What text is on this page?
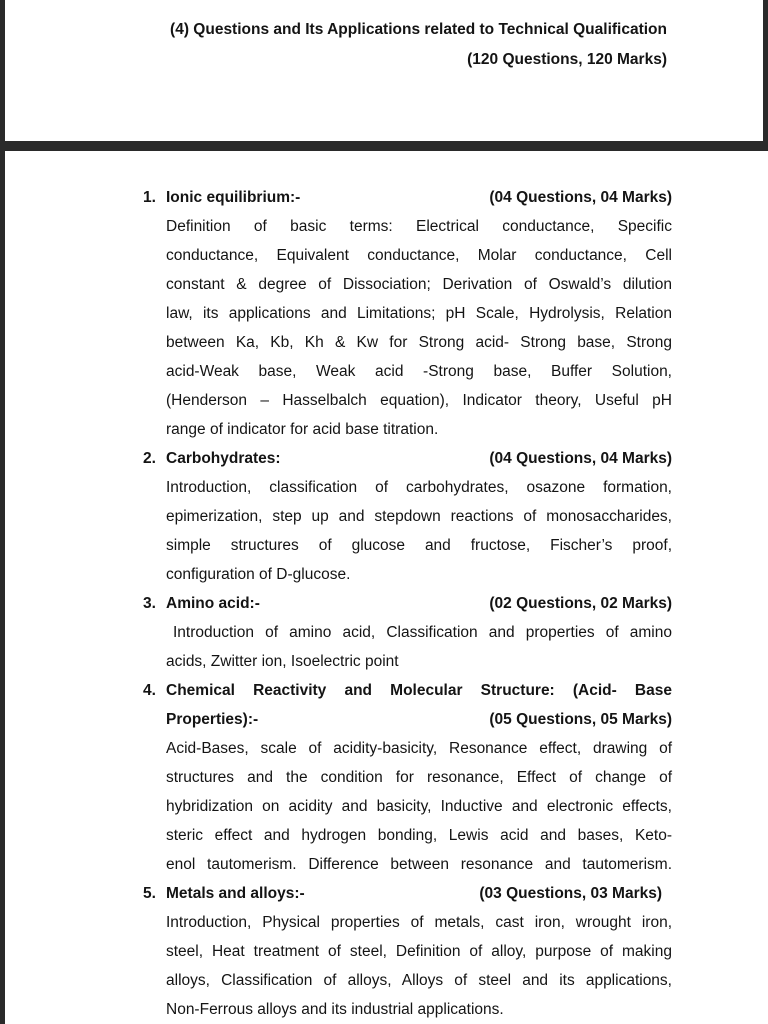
(4) Questions and Its Applications related to Technical Qualification
(120 Questions, 120 Marks)
1. Ionic equilibrium:-	(04 Questions, 04 Marks)
Definition of basic terms: Electrical conductance, Specific
conductance, Equivalent conductance, Molar conductance, Cell
constant & degree of Dissociation; Derivation of Oswald’s dilution
law, its applications and Limitations; pH Scale, Hydrolysis, Relation
between Ka, Kb, Kh & Kw for Strong acid- Strong base, Strong
acid-Weak base, Weak acid -Strong base, Buffer Solution,
(Henderson – Hasselbalch equation), Indicator theory, Useful pH
range of indicator for acid base titration.
2. Carbohydrates:	(04 Questions, 04 Marks)
Introduction, classification of carbohydrates, osazone formation,
epimerization, step up and stepdown reactions of monosaccharides,
simple structures of glucose and fructose, Fischer’s proof,
configuration of D-glucose.
3. Amino acid:-	(02 Questions, 02 Marks)
Introduction of amino acid, Classification and properties of amino
acids, Zwitter ion, Isoelectric point
4. Chemical Reactivity and Molecular Structure: (Acid- Base
Properties):-	(05 Questions, 05 Marks)
Acid-Bases, scale of acidity-basicity, Resonance effect, drawing of
structures and the condition for resonance, Effect of change of
hybridization on acidity and basicity, Inductive and electronic effects,
steric effect and hydrogen bonding, Lewis acid and bases, Keto-
enol tautomerism. Difference between resonance and tautomerism.
5. Metals and alloys:-	(03 Questions, 03 Marks)
Introduction, Physical properties of metals, cast iron, wrought iron,
steel, Heat treatment of steel, Definition of alloy, purpose of making
alloys, Classification of alloys, Alloys of steel and its applications,
Non-Ferrous alloys and its industrial applications.
